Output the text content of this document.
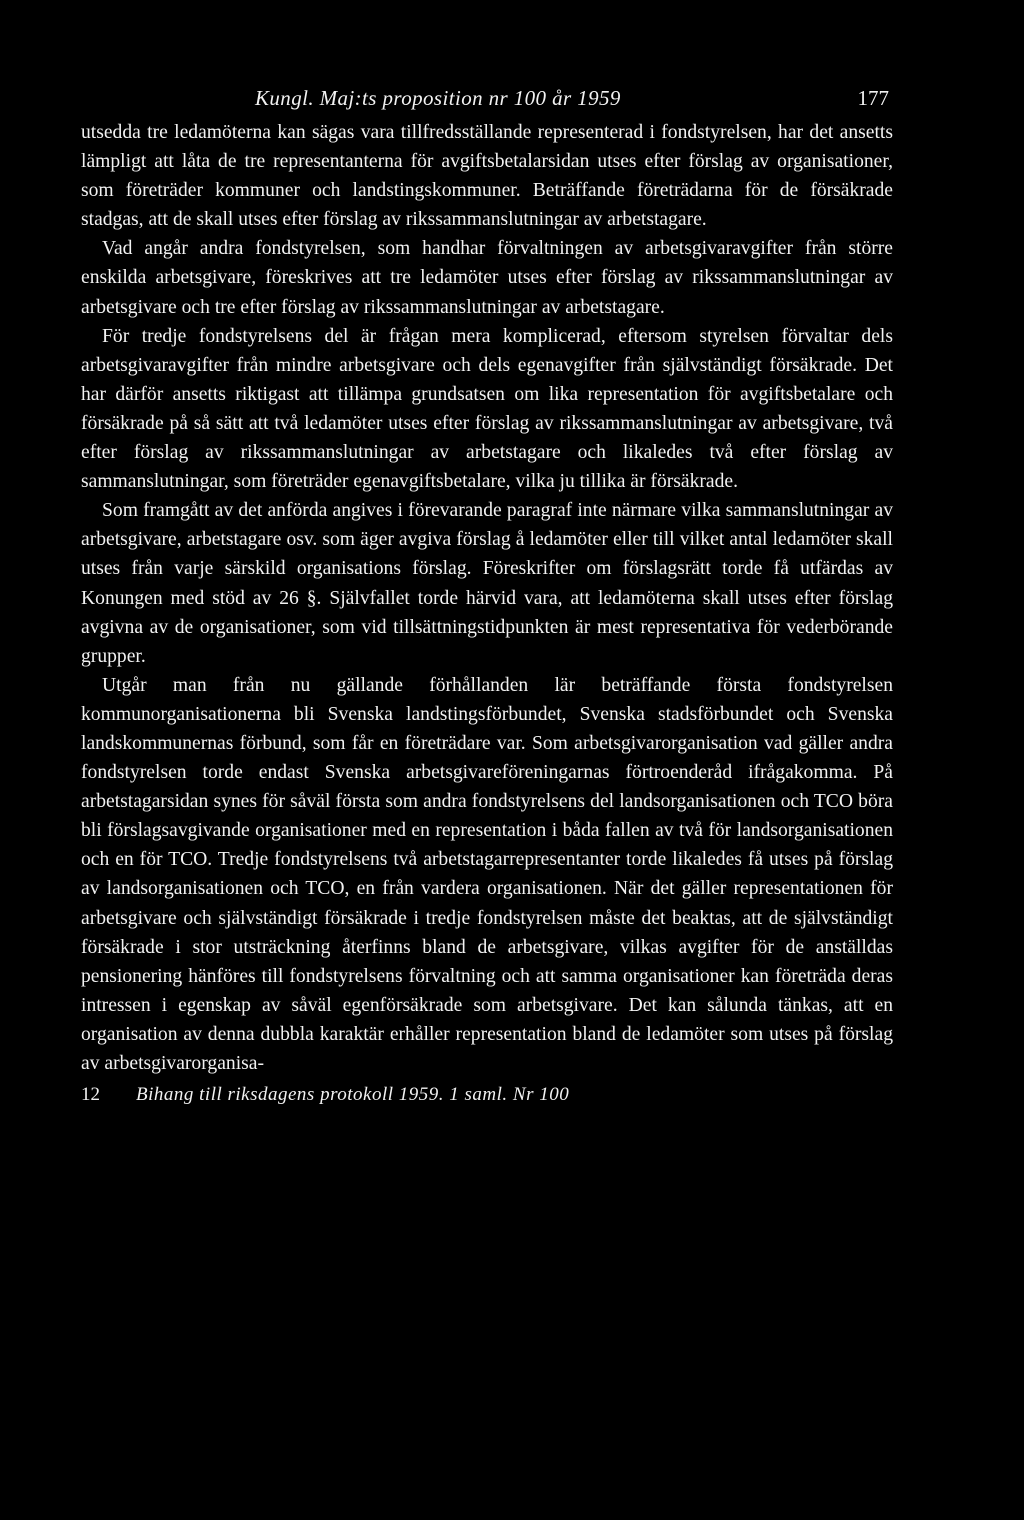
Kungl. Maj:ts proposition nr 100 år 1959	177

utsedda tre ledamöterna kan sägas vara tillfredsställande representerad i fondstyrelsen, har det ansetts lämpligt att låta de tre representanterna för avgiftsbetalarsidan utses efter förslag av organisationer, som företräder kommuner och landstingskommuner. Beträffande företrädarna för de försäkrade stadgas, att de skall utses efter förslag av rikssammanslutningar av arbetstagare.

Vad angår andra fondstyrelsen, som handhar förvaltningen av arbetsgivaravgifter från större enskilda arbetsgivare, föreskrives att tre ledamöter utses efter förslag av rikssammanslutningar av arbetsgivare och tre efter förslag av rikssammanslutningar av arbetstagare.

För tredje fondstyrelsens del är frågan mera komplicerad, eftersom styrelsen förvaltar dels arbetsgivaravgifter från mindre arbetsgivare och dels egenavgifter från självständigt försäkrade. Det har därför ansetts riktigast att tillämpa grundsatsen om lika representation för avgiftsbetalare och försäkrade på så sätt att två ledamöter utses efter förslag av rikssammanslutningar av arbetsgivare, två efter förslag av rikssammanslutningar av arbetstagare och likaledes två efter förslag av sammanslutningar, som företräder egenavgiftsbetalare, vilka ju tillika är försäkrade.

Som framgått av det anförda angives i förevarande paragraf inte närmare vilka sammanslutningar av arbetsgivare, arbetstagare osv. som äger avgiva förslag å ledamöter eller till vilket antal ledamöter skall utses från varje särskild organisations förslag. Föreskrifter om förslagsrätt torde få utfärdas av Konungen med stöd av 26 §. Självfallet torde härvid vara, att ledamöterna skall utses efter förslag avgivna av de organisationer, som vid tillsättningstidpunkten är mest representativa för vederbörande grupper.

Utgår man från nu gällande förhållanden lär beträffande första fondstyrelsen kommunorganisationerna bli Svenska landstingsförbundet, Svenska stadsförbundet och Svenska landskommunernas förbund, som får en företrädare var. Som arbetsgivarorganisation vad gäller andra fondstyrelsen torde endast Svenska arbetsgivareföreningarnas förtroenderåd ifrågakomma. På arbetstagarsidan synes för såväl första som andra fondstyrelsens del landsorganisationen och TCO böra bli förslagsavgivande organisationer med en representation i båda fallen av två för landsorganisationen och en för TCO. Tredje fondstyrelsens två arbetstagarrepresentanter torde likaledes få utses på förslag av landsorganisationen och TCO, en från vardera organisationen. När det gäller representationen för arbetsgivare och självständigt försäkrade i tredje fondstyrelsen måste det beaktas, att de självständigt försäkrade i stor utsträckning återfinns bland de arbetsgivare, vilkas avgifter för de anställdas pensionering hänföres till fondstyrelsens förvaltning och att samma organisationer kan företräda deras intressen i egenskap av såväl egenförsäkrade som arbetsgivare. Det kan sålunda tänkas, att en organisation av denna dubbla karaktär erhåller representation bland de ledamöter som utses på förslag av arbetsgivarorganisa-

12 Bihang till riksdagens protokoll 1959. 1 saml. Nr 100
